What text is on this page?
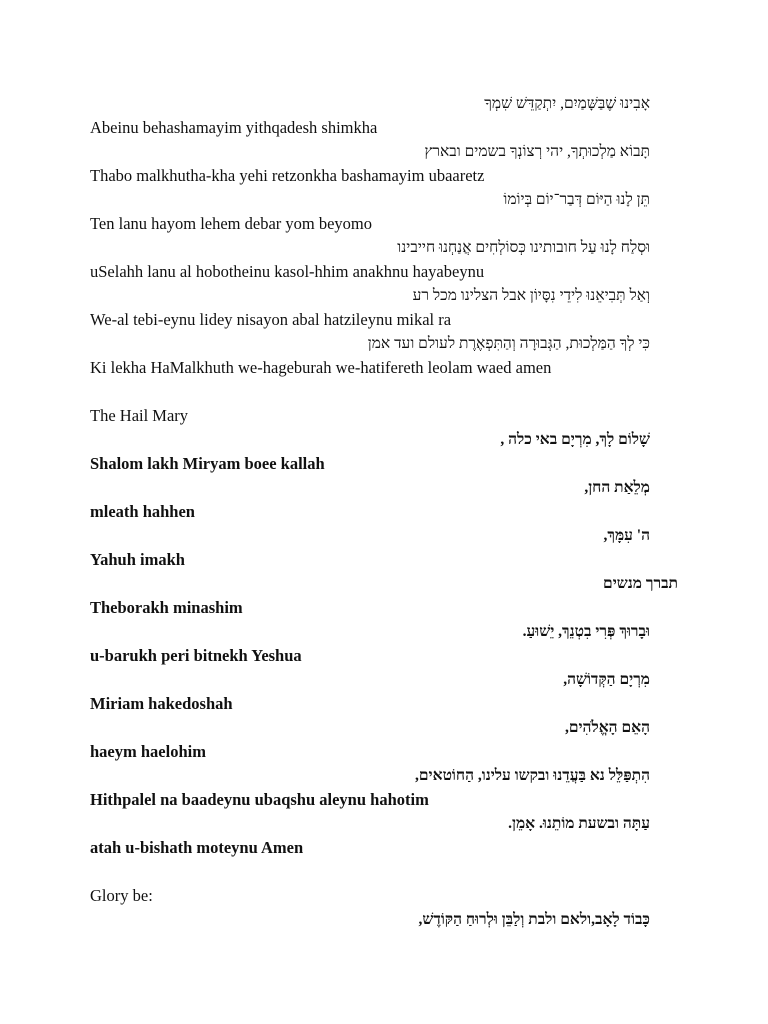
אָבִינוּ שֶׁבַּשָּׁמַיִם, יִתְקַדֵּשׁ שִׁמְךָ
Abeinu behashamayim yithqadesh shimkha
תָּבוֹא מַלְכוּתְךָ, יהי רְצוֹנְךָ בשמים ובארץ
Thabo malkhutha-kha yehi retzonkha bashamayim ubaaretz
תֵּן לָנוּ הַיּוֹם דְּבַר־יוֹם בְּיוֹמוֹ
Ten lanu hayom lehem debar yom beyomo
וּסְלַח לָנוּ עַל חובותינו כְּסוֹלְחִים אֲנַחְנוּ חייבינו
uSelahh lanu al hobotheinu kasol-hhim anakhnu hayabeynu
וְאַל תְּבִיאֵנוּ לִידֵי נִסָּיוֹן אבל הצלינו מכל רע
We-al tebi-eynu lidey nisayon abal hatzileynu mikal ra
כִּי לְךָ הַמַּלְכוּת, הַגְּבוּרָה וְהַתִּפְאֶרֶת לעולם ועד אמן
Ki lekha HaMalkhuth we-hageburah we-hatifereth leolam waed amen
The Hail Mary
שָׁלוֹם לָךְ, מִרְיָם באי כלה ,
Shalom lakh Miryam boee kallah
מְלֵאַת החן,
mleath hahhen
ה' עִמָּךְ,
Yahuh imakh
תברך מנשים
Theborakh minashim
וּבָרוּךְ פְּרִי בִטְנֵךְ, יֵשׁוּעַ.
u-barukh peri bitnekh Yeshua
מִרְיָם הַקְּדוֹשָׁה,
Miriam hakedoshah
הָאֵם הָאֱלֹהִים,
haeym haelohim
הִתְפַּלֵּל נא בַּעֲדֵנוּ ובקשו עלינו, הַחוֹטאים,
Hithpalel na baadeynu ubaqshu aleynu hahotim
עַתָּה ובשעת מוֹתֵנוּ. אָמֵן.
atah u-bishath moteynu Amen
Glory be:
כָּבוֹד לָאָב,ולאם ולבת וְלַבֵּן וּלְרוּחַ הַקּוֹדֶשׁ,
